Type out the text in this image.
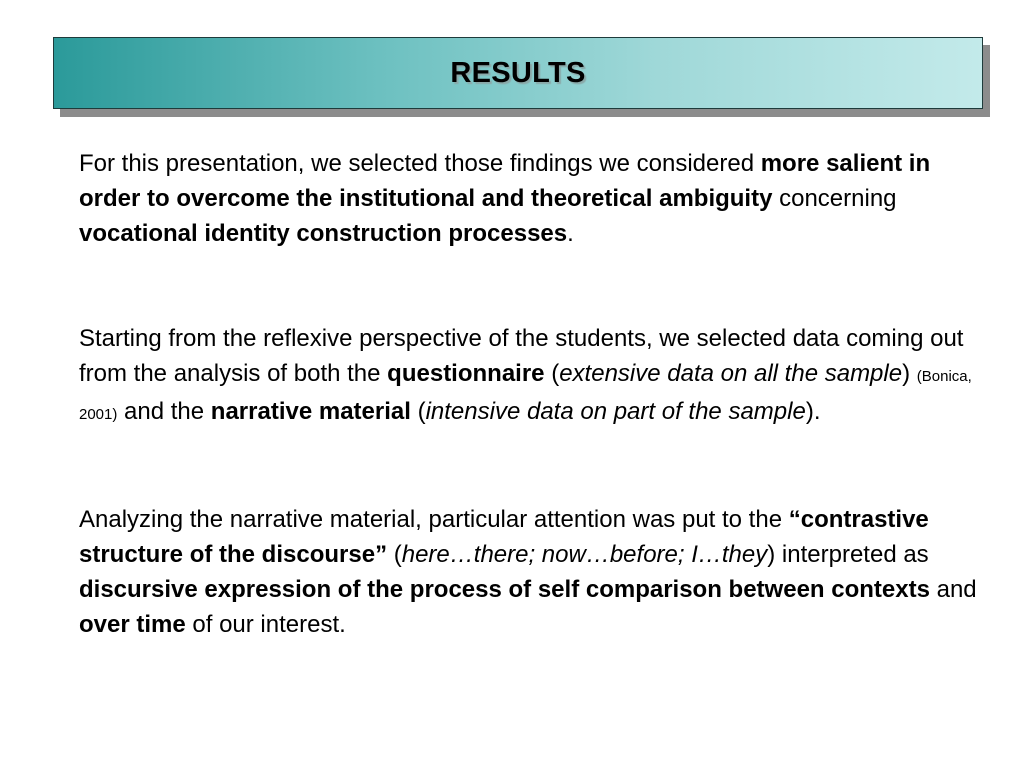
RESULTS

For this presentation, we selected those findings we considered more salient in order to overcome the institutional and theoretical ambiguity concerning vocational identity construction processes.

Starting from the reflexive perspective of the students, we selected data coming out from the analysis of both the questionnaire (extensive data on all the sample) (Bonica, 2001) and the narrative material (intensive data on part of the sample).

Analyzing the narrative material, particular attention was put to the “contrastive structure of the discourse” (here…there; now…before; I…they) interpreted as discursive expression of the process of self comparison between contexts and over time of our interest.
